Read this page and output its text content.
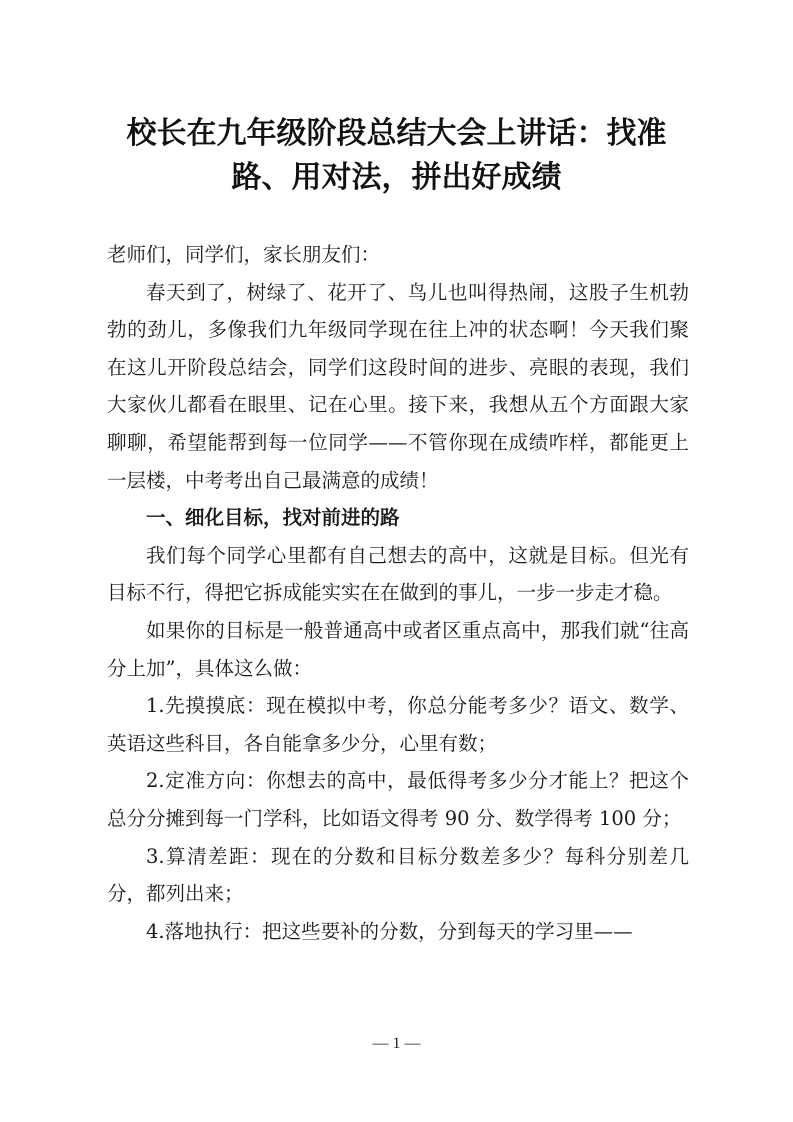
校长在九年级阶段总结大会上讲话：找准
路、用对法，拼出好成绩

老师们，同学们，家长朋友们：

春天到了，树绿了、花开了、鸟儿也叫得热闹，这股子生机勃勃的劲儿，多像我们九年级同学现在往上冲的状态啊！今天我们聚在这儿开阶段总结会，同学们这段时间的进步、亮眼的表现，我们大家伙儿都看在眼里、记在心里。接下来，我想从五个方面跟大家聊聊，希望能帮到每一位同学——不管你现在成绩咋样，都能更上一层楼，中考考出自己最满意的成绩！

一、细化目标，找对前进的路

我们每个同学心里都有自己想去的高中，这就是目标。但光有目标不行，得把它拆成能实实在在做到的事儿，一步一步走才稳。

如果你的目标是一般普通高中或者区重点高中，那我们就“往高分上加”，具体这么做：

1.先摸摸底：现在模拟中考，你总分能考多少？语文、数学、英语这些科目，各自能拿多少分，心里有数；

2.定准方向：你想去的高中，最低得考多少分才能上？把这个总分分摊到每一门学科，比如语文得考 90 分、数学得考 100 分；

3.算清差距：现在的分数和目标分数差多少？每科分别差几分，都列出来；

4.落地执行：把这些要补的分数，分到每天的学习里——

— 1 —
